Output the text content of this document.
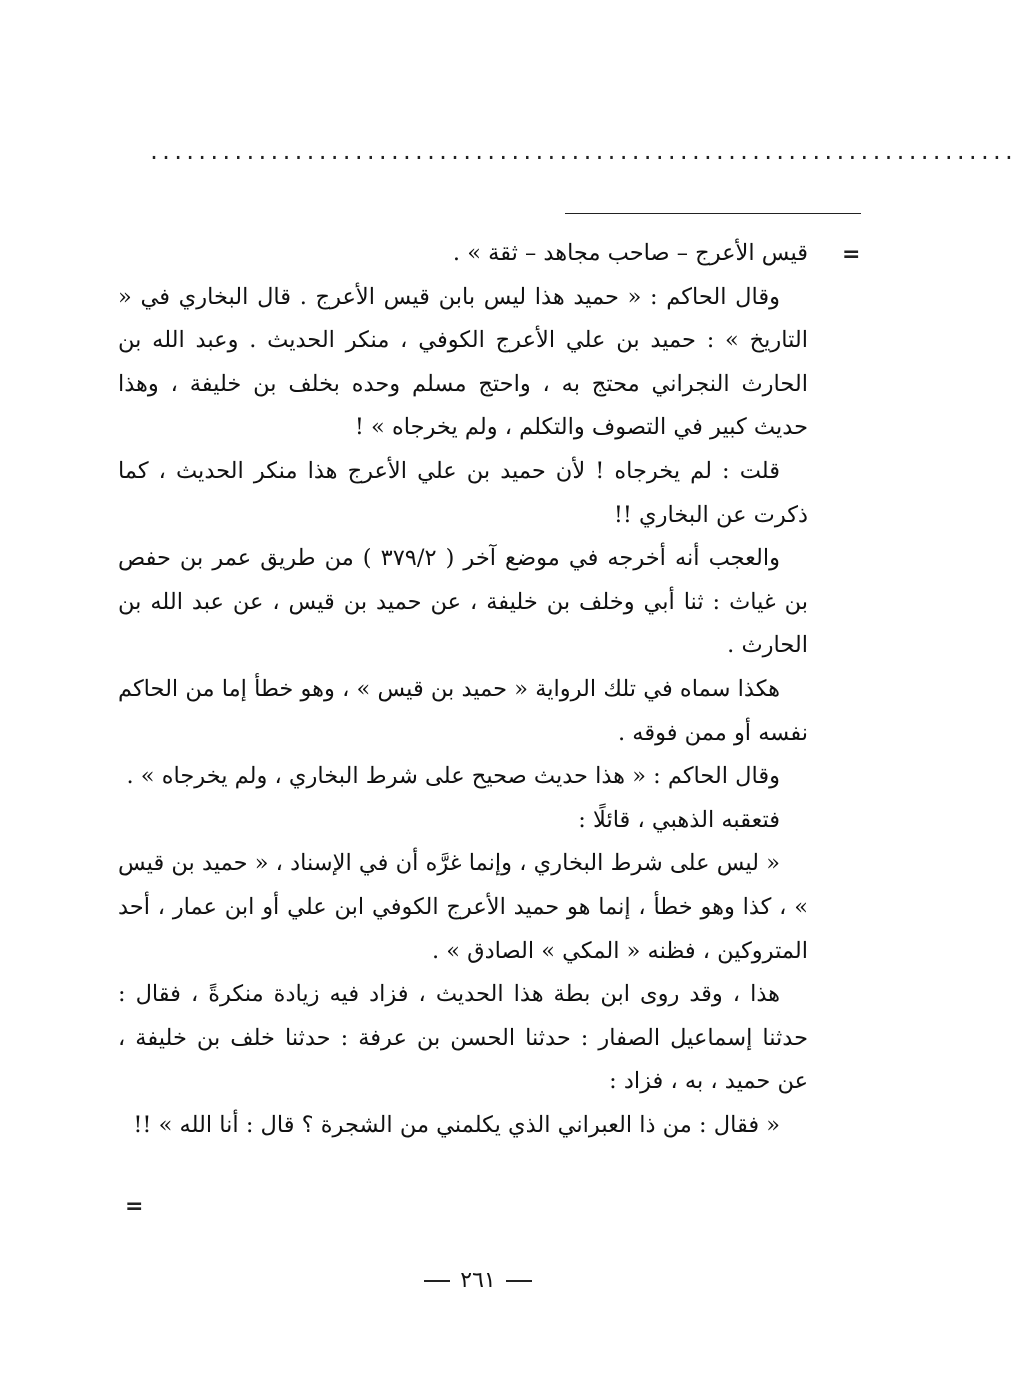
........................................................................
=

قيس الأعرج – صاحب مجاهد – ثقة » .

وقال الحاكم : « حميد هذا ليس بابن قيس الأعرج . قال البخاري في « التاريخ » : حميد بن علي الأعرج الكوفي ، منكر الحديث . وعبد الله بن الحارث النجراني محتج به ، واحتج مسلم وحده بخلف بن خليفة ، وهذا حديث كبير في التصوف والتكلم ، ولم يخرجاه » !

قلت : لم يخرجاه ! لأن حميد بن علي الأعرج هذا منكر الحديث ، كما ذكرت عن البخاري !!

والعجب أنه أخرجه في موضع آخر ( ٣٧٩/٢ ) من طريق عمر بن حفص بن غياث : ثنا أبي وخلف بن خليفة ، عن حميد بن قيس ، عن عبد الله بن الحارث .

هكذا سماه في تلك الرواية « حميد بن قيس » ، وهو خطأ إما من الحاكم نفسه أو ممن فوقه .

وقال الحاكم : « هذا حديث صحيح على شرط البخاري ، ولم يخرجاه » .

فتعقبه الذهبي ، قائلًا :

« ليس على شرط البخاري ، وإنما غرَّه أن في الإسناد ، « حميد بن قيس » ، كذا وهو خطأ ، إنما هو حميد الأعرج الكوفي ابن علي أو ابن عمار ، أحد المتروكين ، فظنه « المكي » الصادق » .

هذا ، وقد روى ابن بطة هذا الحديث ، فزاد فيه زيادة منكرةً ، فقال : حدثنا إسماعيل الصفار : حدثنا الحسن بن عرفة : حدثنا خلف بن خليفة ، عن حميد ، به ، فزاد :

« فقال : من ذا العبراني الذي يكلمني من الشجرة ؟ قال : أنا الله » !!

=
٢٦١
